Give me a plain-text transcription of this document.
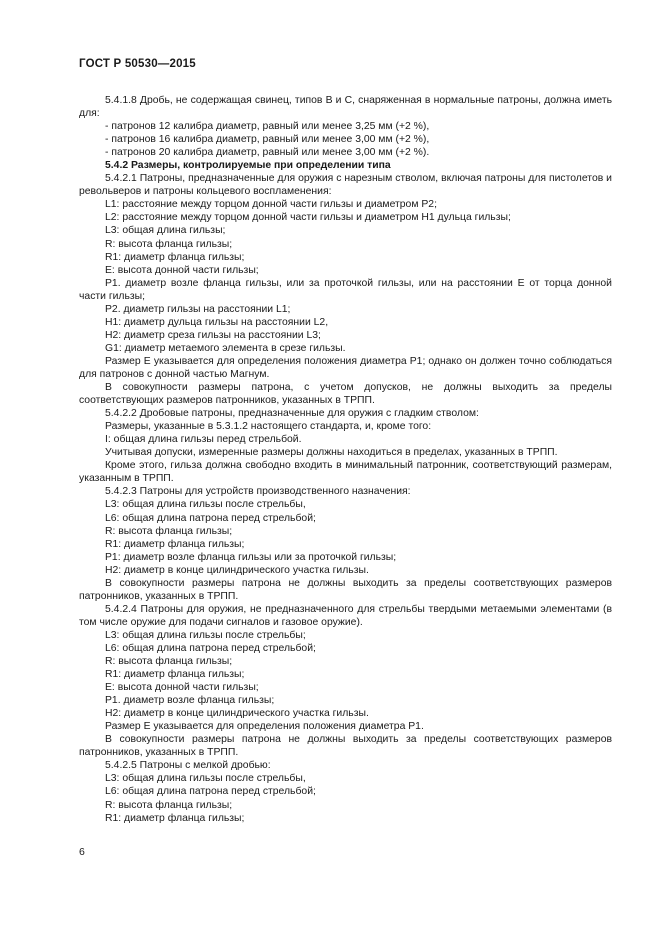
ГОСТ Р 50530—2015

5.4.1.8 Дробь, не содержащая свинец, типов В и С, снаряженная в нормальные патроны, должна иметь для:

- патронов 12 калибра диаметр, равный или менее 3,25 мм (+2 %),

- патронов 16 калибра диаметр, равный или менее 3,00 мм (+2 %),

- патронов 20 калибра диаметр, равный или менее 3,00 мм (+2 %).

5.4.2 Размеры, контролируемые при определении типа

5.4.2.1 Патроны, предназначенные для оружия с нарезным стволом, включая патроны для пистолетов и револьверов и патроны кольцевого воспламенения:

L1: расстояние между торцом донной части гильзы и диаметром Р2;

L2: расстояние между торцом донной части гильзы и диаметром Н1 дульца гильзы;

L3: общая длина гильзы;

R: высота фланца гильзы;

R1: диаметр фланца гильзы;

Е: высота донной части гильзы;

Р1. диаметр возле фланца гильзы, или за проточкой гильзы, или на расстоянии Е от торца донной части гильзы;

Р2. диаметр гильзы на расстоянии L1;

Н1: диаметр дульца гильзы на расстоянии L2,

Н2: диаметр среза гильзы на расстоянии L3;

G1: диаметр метаемого элемента в срезе гильзы.

Размер Е указывается для определения положения диаметра Р1; однако он должен точно соблюдаться для патронов с донной частью Магнум.

В совокупности размеры патрона, с учетом допусков, не должны выходить за пределы соответствующих размеров патронников, указанных в ТРПП.

5.4.2.2 Дробовые патроны, предназначенные для оружия с гладким стволом:

Размеры, указанные в 5.3.1.2 настоящего стандарта, и, кроме того:

I: общая длина гильзы перед стрельбой.

Учитывая допуски, измеренные размеры должны находиться в пределах, указанных в ТРПП.

Кроме этого, гильза должна свободно входить в минимальный патронник, соответствующий размерам, указанным в ТРПП.

5.4.2.3 Патроны для устройств производственного назначения:

L3: общая длина гильзы после стрельбы,

L6: общая длина патрона перед стрельбой;

R: высота фланца гильзы;

R1: диаметр фланца гильзы;

Р1: диаметр возле фланца гильзы или за проточкой гильзы;

Н2: диаметр в конце цилиндрического участка гильзы.

В совокупности размеры патрона не должны выходить за пределы соответствующих размеров патронников, указанных в ТРПП.

5.4.2.4 Патроны для оружия, не предназначенного для стрельбы твердыми метаемыми элементами (в том числе оружие для подачи сигналов и газовое оружие).

L3: общая длина гильзы после стрельбы;

L6: общая длина патрона перед стрельбой;

R: высота фланца гильзы;

R1: диаметр фланца гильзы;

Е: высота донной части гильзы;

Р1. диаметр возле фланца гильзы;

Н2: диаметр в конце цилиндрического участка гильзы.

Размер Е указывается для определения положения диаметра Р1.

В совокупности размеры патрона не должны выходить за пределы соответствующих размеров патронников, указанных в ТРПП.

5.4.2.5 Патроны с мелкой дробью:

L3: общая длина гильзы после стрельбы,

L6: общая длина патрона перед стрельбой;

R: высота фланца гильзы;

R1: диаметр фланца гильзы;

6
